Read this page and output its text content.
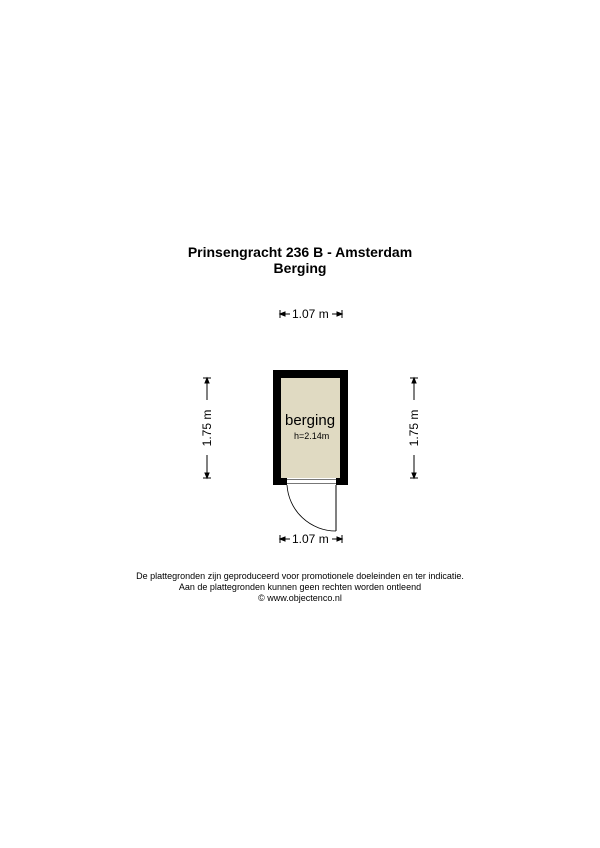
Prinsengracht 236 B - Amsterdam
Berging
berging
h=2.14m
1.07 m
1.07 m
1.75 m	1.75 m
De plattegronden zijn geproduceerd voor promotionele doeleinden en ter indicatie.
Aan de plattegronden kunnen geen rechten worden ontleend
© www.objectenco.nl
